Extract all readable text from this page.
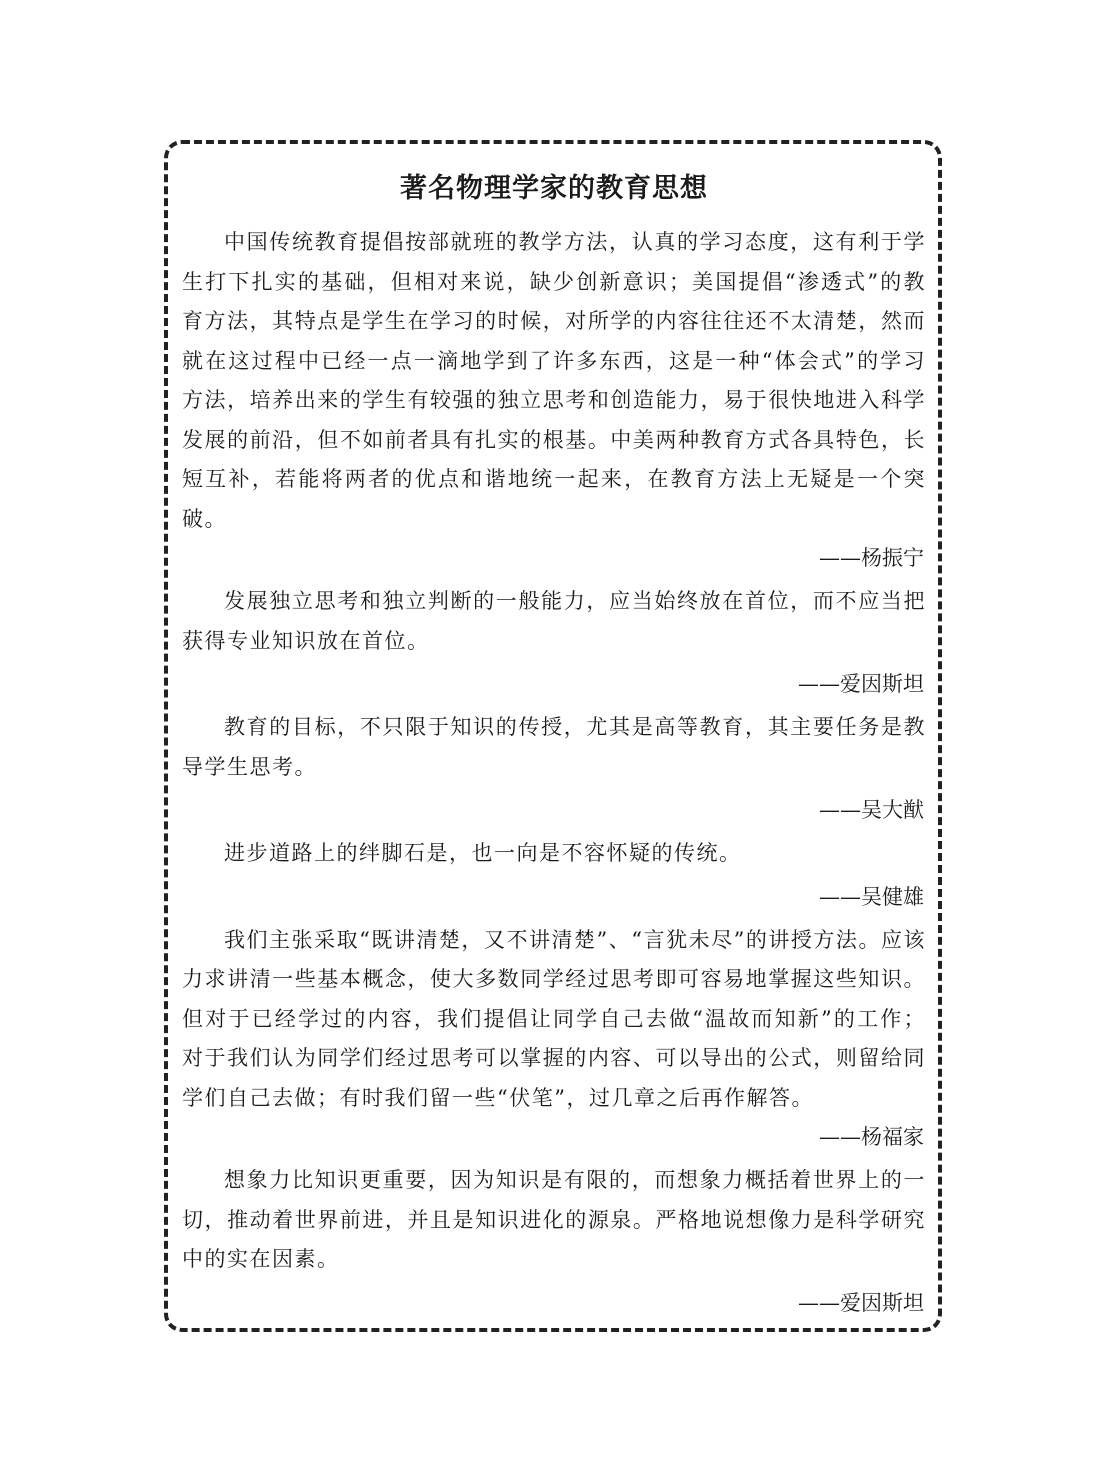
著名物理学家的教育思想

中国传统教育提倡按部就班的教学方法，认真的学习态度，这有利于学生打下扎实的基础，但相对来说，缺少创新意识；美国提倡“渗透式”的教育方法，其特点是学生在学习的时候，对所学的内容往往还不太清楚，然而就在这过程中已经一点一滴地学到了许多东西，这是一种“体会式”的学习方法，培养出来的学生有较强的独立思考和创造能力，易于很快地进入科学发展的前沿，但不如前者具有扎实的根基。中美两种教育方式各具特色，长短互补，若能将两者的优点和谐地统一起来，在教育方法上无疑是一个突破。

——杨振宁

发展独立思考和独立判断的一般能力，应当始终放在首位，而不应当把获得专业知识放在首位。

——爱因斯坦

教育的目标，不只限于知识的传授，尤其是高等教育，其主要任务是教导学生思考。

——吴大猷

进步道路上的绊脚石是，也一向是不容怀疑的传统。

——吴健雄

我们主张采取“既讲清楚，又不讲清楚”、“言犹未尽”的讲授方法。应该力求讲清一些基本概念，使大多数同学经过思考即可容易地掌握这些知识。但对于已经学过的内容，我们提倡让同学自己去做“温故而知新”的工作；对于我们认为同学们经过思考可以掌握的内容、可以导出的公式，则留给同学们自己去做；有时我们留一些“伏笔”，过几章之后再作解答。

——杨福家

想象力比知识更重要，因为知识是有限的，而想象力概括着世界上的一切，推动着世界前进，并且是知识进化的源泉。严格地说想像力是科学研究中的实在因素。

——爱因斯坦
